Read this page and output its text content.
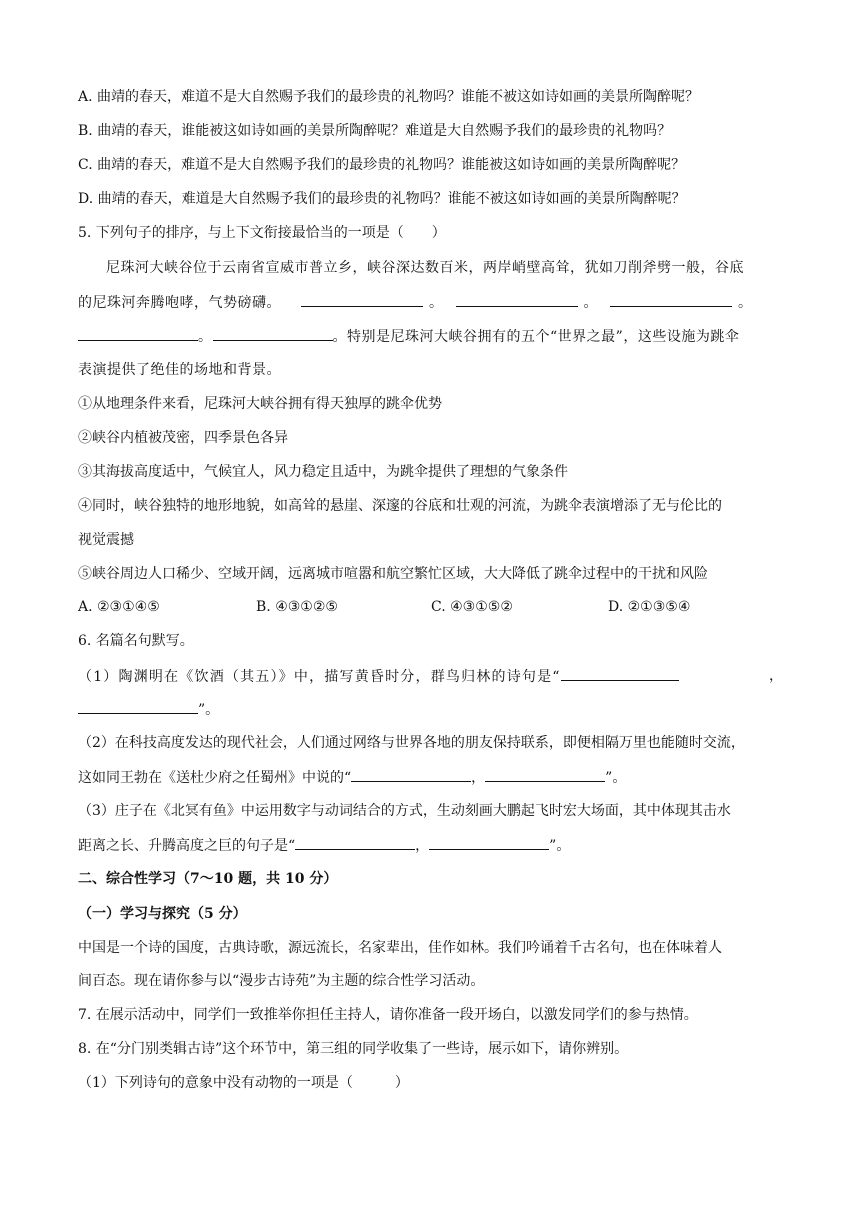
A. 曲靖的春天，难道不是大自然赐予我们的最珍贵的礼物吗？谁能不被这如诗如画的美景所陶醉呢？
B. 曲靖的春天，谁能被这如诗如画的美景所陶醉呢？难道是大自然赐予我们的最珍贵的礼物吗？
C. 曲靖的春天，难道不是大自然赐予我们的最珍贵的礼物吗？谁能被这如诗如画的美景所陶醉呢？
D. 曲靖的春天，难道是大自然赐予我们的最珍贵的礼物吗？谁能不被这如诗如画的美景所陶醉呢？
5. 下列句子的排序，与上下文衔接最恰当的一项是（　　）
尼珠河大峡谷位于云南省宣威市普立乡，峡谷深达数百米，两岸峭壁高耸，犹如刀削斧劈一般，谷底
的尼珠河奔腾咆哮，气势磅礴。	。	。	。
。	。特别是尼珠河大峡谷拥有的五个“世界之最”，这些设施为跳伞
表演提供了绝佳的场地和背景。
①从地理条件来看，尼珠河大峡谷拥有得天独厚的跳伞优势
②峡谷内植被茂密，四季景色各异
③其海拔高度适中，气候宜人，风力稳定且适中，为跳伞提供了理想的气象条件
④同时，峡谷独特的地形地貌，如高耸的悬崖、深邃的谷底和壮观的河流，为跳伞表演增添了无与伦比的
视觉震撼
⑤峡谷周边人口稀少、空域开阔，远离城市喧嚣和航空繁忙区域，大大降低了跳伞过程中的干扰和风险
A. ②③①④⑤	B. ④③①②⑤	C. ④③①⑤②	D. ②①③⑤④
6. 名篇名句默写。
（1）陶渊明在《饮酒（其五）》中，描写黄昏时分，群鸟归林的诗句是“	，
”。
（2）在科技高度发达的现代社会，人们通过网络与世界各地的朋友保持联系，即便相隔万里也能随时交流，
这如同王勃在《送杜少府之任蜀州》中说的“	，	”。
（3）庄子在《北冥有鱼》中运用数字与动词结合的方式，生动刻画大鹏起飞时宏大场面，其中体现其击水
距离之长、升腾高度之巨的句子是“	，	”。
二、综合性学习（7～10 题，共 10 分）
（一）学习与探究（5 分）
中国是一个诗的国度，古典诗歌，源远流长，名家辈出，佳作如林。我们吟诵着千古名句，也在体味着人
间百态。现在请你参与以“漫步古诗苑”为主题的综合性学习活动。
7. 在展示活动中，同学们一致推举你担任主持人，请你准备一段开场白，以激发同学们的参与热情。
8. 在“分门别类辑古诗”这个环节中，第三组的同学收集了一些诗，展示如下，请你辨别。
（1）下列诗句的意象中没有动物的一项是（　　　）
